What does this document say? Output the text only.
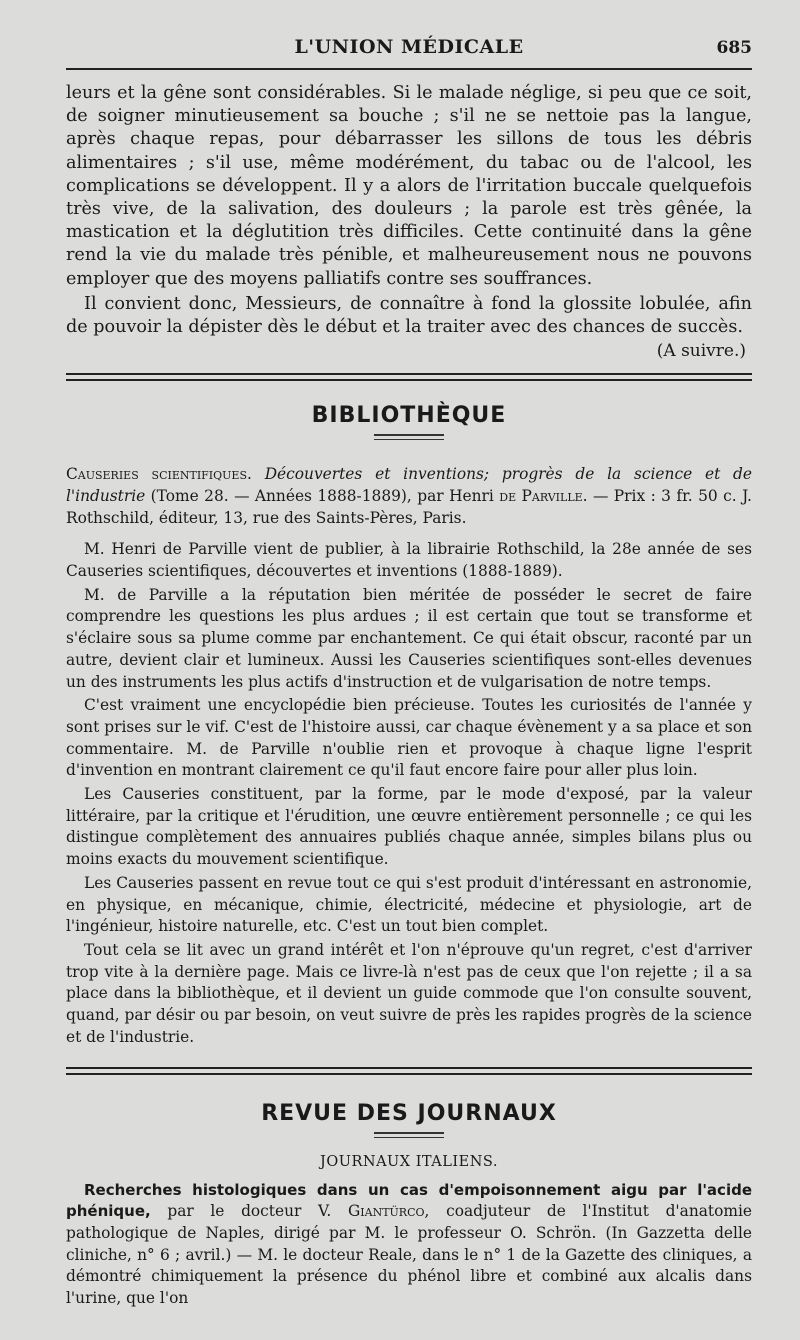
L'UNION MÉDICALE	685

leurs et la gêne sont considérables. Si le malade néglige, si peu que ce soit, de soigner minutieusement sa bouche ; s'il ne se nettoie pas la langue, après chaque repas, pour débarrasser les sillons de tous les débris alimentaires ; s'il use, même modérément, du tabac ou de l'alcool, les complications se développent. Il y a alors de l'irritation buccale quelquefois très vive, de la salivation, des douleurs ; la parole est très gênée, la mastication et la déglutition très difficiles. Cette continuité dans la gêne rend la vie du malade très pénible, et malheureusement nous ne pouvons employer que des moyens palliatifs contre ses souffrances.

Il convient donc, Messieurs, de connaître à fond la glossite lobulée, afin de pouvoir la dépister dès le début et la traiter avec des chances de succès.

(A suivre.)
BIBLIOTHÈQUE

Causeries scientifiques. Découvertes et inventions; progrès de la science et de l'industrie (Tome 28. — Années 1888-1889), par Henri de Parville. — Prix : 3 fr. 50 c. J. Rothschild, éditeur, 13, rue des Saints-Pères, Paris.

M. Henri de Parville vient de publier, à la librairie Rothschild, la 28e année de ses Causeries scientifiques, découvertes et inventions (1888-1889).

M. de Parville a la réputation bien méritée de posséder le secret de faire comprendre les questions les plus ardues ; il est certain que tout se transforme et s'éclaire sous sa plume comme par enchantement. Ce qui était obscur, raconté par un autre, devient clair et lumineux. Aussi les Causeries scientifiques sont-elles devenues un des instruments les plus actifs d'instruction et de vulgarisation de notre temps.

C'est vraiment une encyclopédie bien précieuse. Toutes les curiosités de l'année y sont prises sur le vif. C'est de l'histoire aussi, car chaque évènement y a sa place et son commentaire. M. de Parville n'oublie rien et provoque à chaque ligne l'esprit d'invention en montrant clairement ce qu'il faut encore faire pour aller plus loin.

Les Causeries constituent, par la forme, par le mode d'exposé, par la valeur littéraire, par la critique et l'érudition, une œuvre entièrement personnelle ; ce qui les distingue complètement des annuaires publiés chaque année, simples bilans plus ou moins exacts du mouvement scientifique.

Les Causeries passent en revue tout ce qui s'est produit d'intéressant en astronomie, en physique, en mécanique, chimie, électricité, médecine et physiologie, art de l'ingénieur, histoire naturelle, etc. C'est un tout bien complet.

Tout cela se lit avec un grand intérêt et l'on n'éprouve qu'un regret, c'est d'arriver trop vite à la dernière page. Mais ce livre-là n'est pas de ceux que l'on rejette ; il a sa place dans la bibliothèque, et il devient un guide commode que l'on consulte souvent, quand, par désir ou par besoin, on veut suivre de près les rapides progrès de la science et de l'industrie.

REVUE DES JOURNAUX
JOURNAUX ITALIENS.

Recherches histologiques dans un cas d'empoisonnement aigu par l'acide phénique, par le docteur V. Giantürco, coadjuteur de l'Institut d'anatomie pathologique de Naples, dirigé par M. le professeur O. Schrön. (In Gazzetta delle cliniche, n° 6 ; avril.) — M. le docteur Reale, dans le n° 1 de la Gazette des cliniques, a démontré chimiquement la présence du phénol libre et combiné aux alcalis dans l'urine, que l'on
